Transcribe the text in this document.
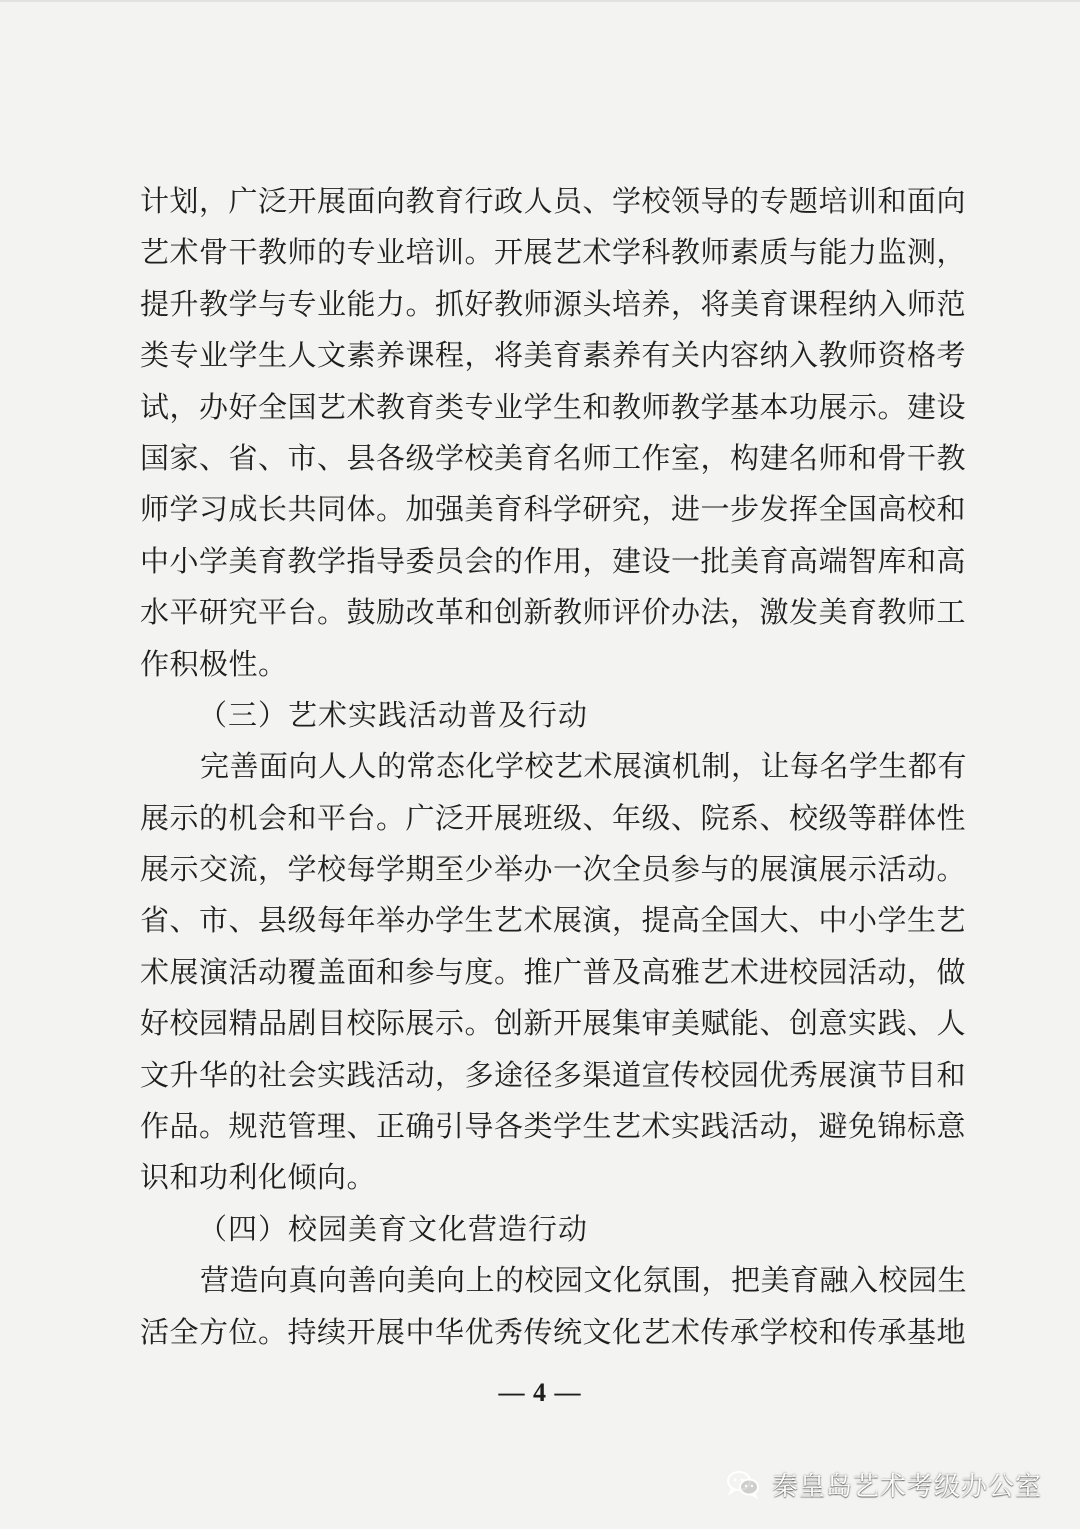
计划，广泛开展面向教育行政人员、学校领导的专题培训和面向
艺术骨干教师的专业培训。开展艺术学科教师素质与能力监测，
提升教学与专业能力。抓好教师源头培养，将美育课程纳入师范
类专业学生人文素养课程，将美育素养有关内容纳入教师资格考
试，办好全国艺术教育类专业学生和教师教学基本功展示。建设
国家、省、市、县各级学校美育名师工作室，构建名师和骨干教
师学习成长共同体。加强美育科学研究，进一步发挥全国高校和
中小学美育教学指导委员会的作用，建设一批美育高端智库和高
水平研究平台。鼓励改革和创新教师评价办法，激发美育教师工
作积极性。
（三）艺术实践活动普及行动
完善面向人人的常态化学校艺术展演机制，让每名学生都有
展示的机会和平台。广泛开展班级、年级、院系、校级等群体性
展示交流，学校每学期至少举办一次全员参与的展演展示活动。
省、市、县级每年举办学生艺术展演，提高全国大、中小学生艺
术展演活动覆盖面和参与度。推广普及高雅艺术进校园活动，做
好校园精品剧目校际展示。创新开展集审美赋能、创意实践、人
文升华的社会实践活动，多途径多渠道宣传校园优秀展演节目和
作品。规范管理、正确引导各类学生艺术实践活动，避免锦标意
识和功利化倾向。
（四）校园美育文化营造行动
营造向真向善向美向上的校园文化氛围，把美育融入校园生
活全方位。持续开展中华优秀传统文化艺术传承学校和传承基地
— 4 —
秦皇岛艺术考级办公室
